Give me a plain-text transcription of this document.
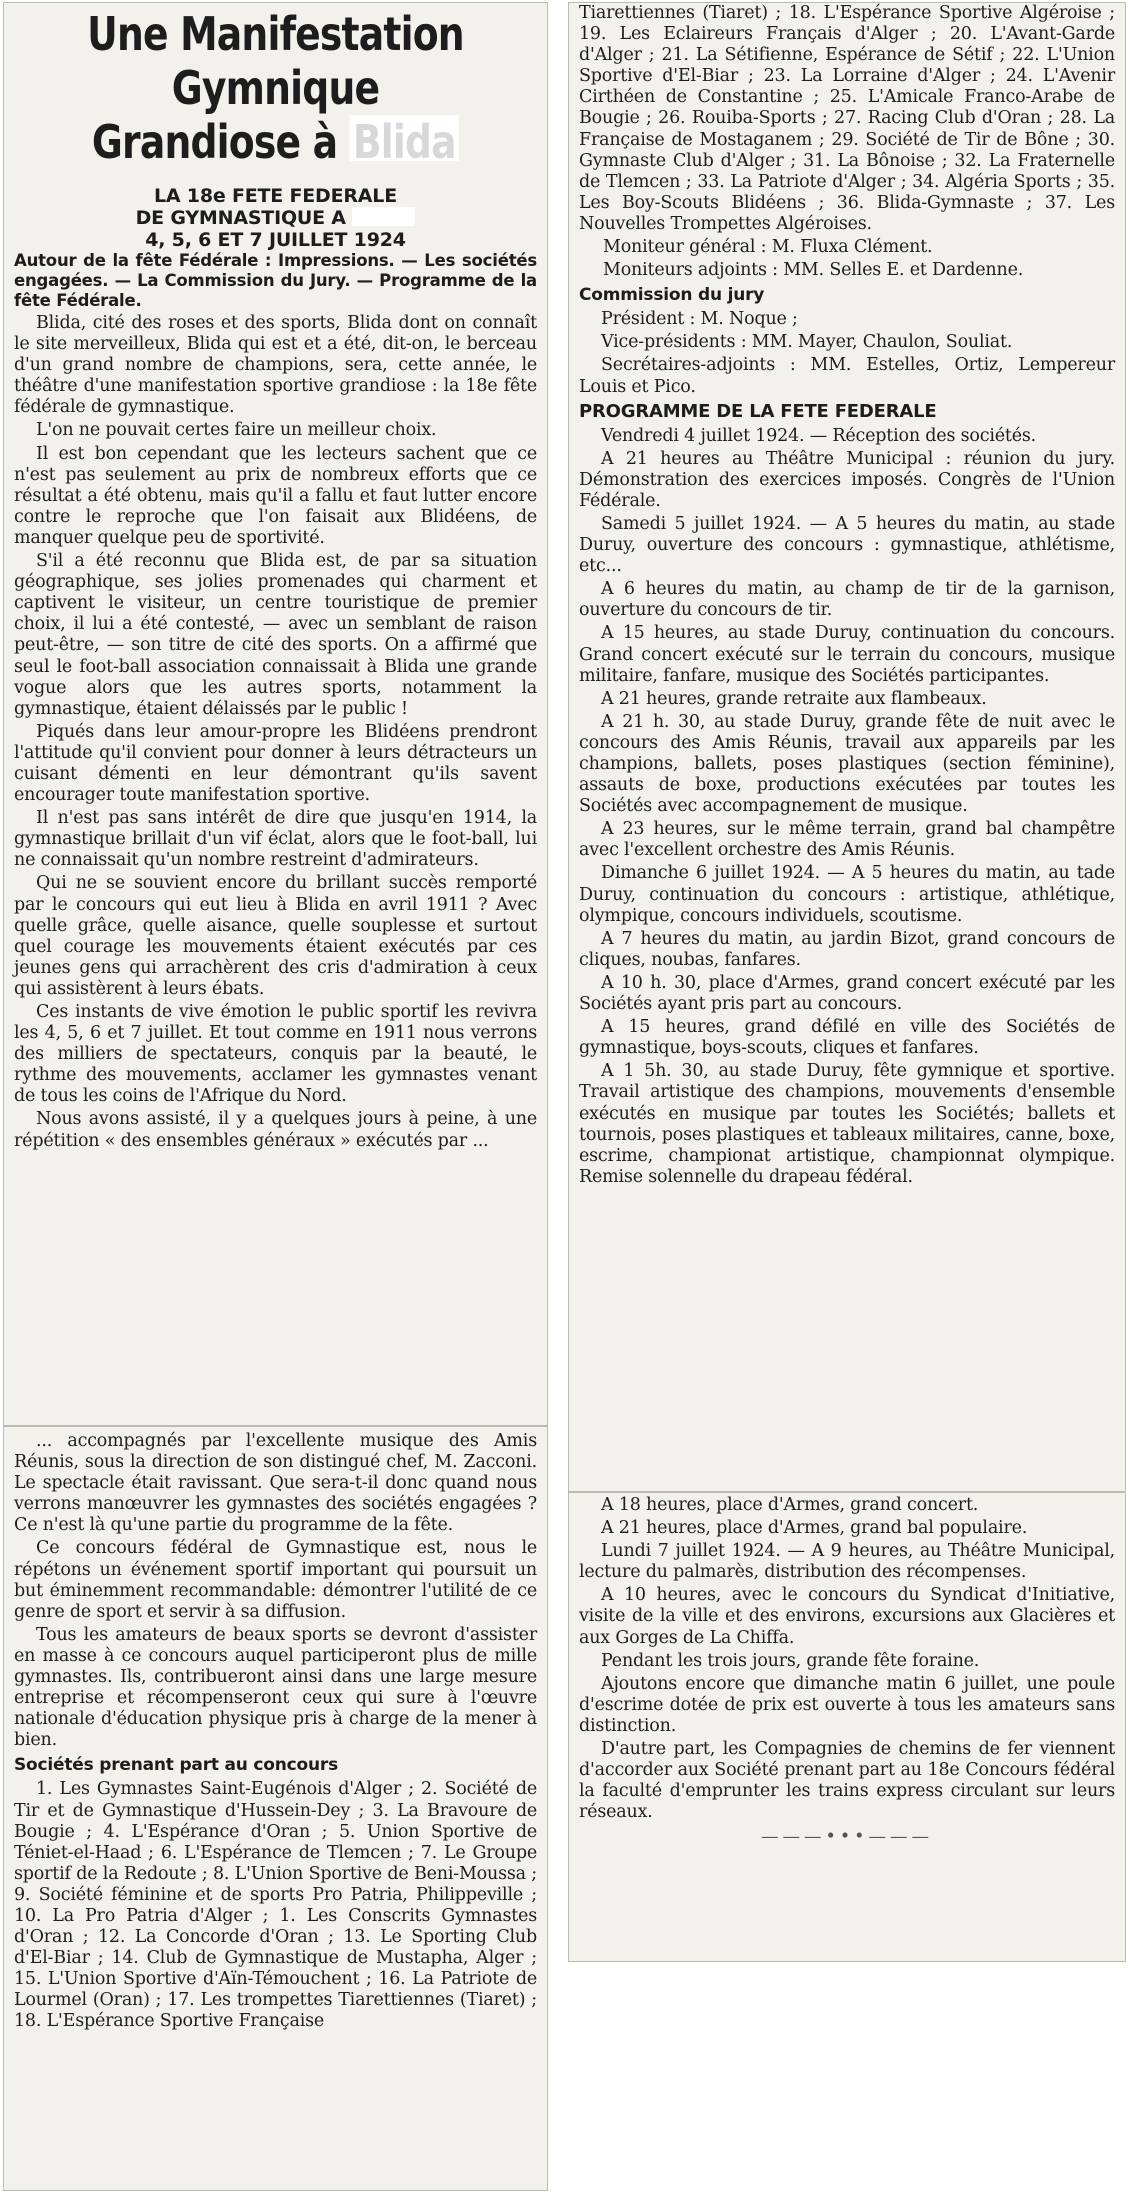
Une Manifestation Gymnique
Grandiose à Blida
LA 18e FETE FEDERALE
DE GYMNASTIQUE A BLIDA
4, 5, 6 ET 7 JUILLET 1924

Autour de la fête Fédérale : Impressions. — Les sociétés engagées. — La Commission du Jury. — Programme de la fête Fédérale.

Blida, cité des roses et des sports, Blida dont on connaît le site merveilleux, Blida qui est et a été, dit-on, le berceau d'un grand nombre de champions, sera, cette année, le théâtre d'une manifestation sportive grandiose : la 18e fête fédérale de gymnastique.

L'on ne pouvait certes faire un meilleur choix.

Il est bon cependant que les lecteurs sachent que ce n'est pas seulement au prix de nombreux efforts que ce résultat a été obtenu, mais qu'il a fallu et faut lutter encore contre le reproche que l'on faisait aux Blidéens, de manquer quelque peu de sportivité.

S'il a été reconnu que Blida est, de par sa situation géographique, ses jolies promenades qui charment et captivent le visiteur, un centre touristique de premier choix, il lui a été contesté, — avec un semblant de raison peut-être, — son titre de cité des sports. On a affirmé que seul le foot-ball association connaissait à Blida une grande vogue alors que les autres sports, notamment la gymnastique, étaient délaissés par le public !

Piqués dans leur amour-propre les Blidéens prendront l'attitude qu'il convient pour donner à leurs détracteurs un cuisant démenti en leur démontrant qu'ils savent encourager toute manifestation sportive.

Il n'est pas sans intérêt de dire que jusqu'en 1914, la gymnastique brillait d'un vif éclat, alors que le foot-ball, lui ne connaissait qu'un nombre restreint d'admirateurs.

Qui ne se souvient encore du brillant succès remporté par le concours qui eut lieu à Blida en avril 1911 ? Avec quelle grâce, quelle aisance, quelle souplesse et surtout quel courage les mouvements étaient exécutés par ces jeunes gens qui arrachèrent des cris d'admiration à ceux qui assistèrent à leurs ébats.

Ces instants de vive émotion le public sportif les revivra les 4, 5, 6 et 7 juillet. Et tout comme en 1911 nous verrons des milliers de spectateurs, conquis par la beauté, le rythme des mouvements, acclamer les gymnastes venant de tous les coins de l'Afrique du Nord.

Nous avons assisté, il y a quelques jours à peine, à une répétition « des ensembles généraux » exécutés par ...

... accompagnés par l'excellente musique des Amis Réunis, sous la direction de son distingué chef, M. Zacconi. Le spectacle était ravissant. Que sera-t-il donc quand nous verrons manœuvrer les gymnastes des sociétés engagées ? Ce n'est là qu'une partie du programme de la fête.

Ce concours fédéral de Gymnastique est, nous le répétons un événement sportif important qui poursuit un but éminemment recommandable: démontrer l'utilité de ce genre de sport et servir à sa diffusion.

Tous les amateurs de beaux sports se devront d'assister en masse à ce concours auquel participeront plus de mille gymnastes. Ils, contribueront ainsi dans une large mesure entreprise et récompenseront ceux qui sure à l'œuvre nationale d'éducation physique pris à charge de la mener à bien.

Sociétés prenant part au concours

1. Les Gymnastes Saint-Eugénois d'Alger ; 2. Société de Tir et de Gymnastique d'Hussein-Dey ; 3. La Bravoure de Bougie ; 4. L'Espérance d'Oran ; 5. Union Sportive de Téniet-el-Haad ; 6. L'Espérance de Tlemcen ; 7. Le Groupe sportif de la Redoute ; 8. L'Union Sportive de Beni-Moussa ; 9. Société féminine et de sports Pro Patria, Philippeville ; 10. La Pro Patria d'Alger ; 1. Les Conscrits Gymnastes d'Oran ; 12. La Concorde d'Oran ; 13. Le Sporting Club d'El-Biar ; 14. Club de Gymnastique de Mustapha, Alger ; 15. L'Union Sportive d'Aïn-Témouchent ; 16. La Patriote de Lourmel (Oran) ; 17. Les trompettes Tiarettiennes (Tiaret) ; 18. L'Espérance Sportive Française

Tiarettiennes (Tiaret) ; 18. L'Espérance Sportive Algéroise ; 19. Les Eclaireurs Français d'Alger ; 20. L'Avant-Garde d'Alger ; 21. La Sétifienne, Espérance de Sétif ; 22. L'Union Sportive d'El-Biar ; 23. La Lorraine d'Alger ; 24. L'Avenir Cirthéen de Constantine ; 25. L'Amicale Franco-Arabe de Bougie ; 26. Rouiba-Sports ; 27. Racing Club d'Oran ; 28. La Française de Mostaganem ; 29. Société de Tir de Bône ; 30. Gymnaste Club d'Alger ; 31. La Bônoise ; 32. La Fraternelle de Tlemcen ; 33. La Patriote d'Alger ; 34. Algéria Sports ; 35. Les Boy-Scouts Blidéens ; 36. Blida-Gymnaste ; 37. Les Nouvelles Trompettes Algéroises.

Moniteur général : M. Fluxa Clément.

Moniteurs adjoints : MM. Selles E. et Dardenne.

Commission du jury

Président : M. Noque ;

Vice-présidents : MM. Mayer, Chaulon, Souliat.

Secrétaires-adjoints : MM. Estelles, Ortiz, Lempereur Louis et Pico.

PROGRAMME DE LA FETE FEDERALE

Vendredi 4 juillet 1924. — Réception des sociétés.

A 21 heures au Théâtre Municipal : réunion du jury. Démonstration des exercices imposés. Congrès de l'Union Fédérale.

Samedi 5 juillet 1924. — A 5 heures du matin, au stade Duruy, ouverture des concours : gymnastique, athlétisme, etc...

A 6 heures du matin, au champ de tir de la garnison, ouverture du concours de tir.

A 15 heures, au stade Duruy, continuation du concours. Grand concert exécuté sur le terrain du concours, musique militaire, fanfare, musique des Sociétés participantes.

A 21 heures, grande retraite aux flambeaux.

A 21 h. 30, au stade Duruy, grande fête de nuit avec le concours des Amis Réunis, travail aux appareils par les champions, ballets, poses plastiques (section féminine), assauts de boxe, productions exécutées par toutes les Sociétés avec accompagnement de musique.

A 23 heures, sur le même terrain, grand bal champêtre avec l'excellent orchestre des Amis Réunis.

Dimanche 6 juillet 1924. — A 5 heures du matin, au tade Duruy, continuation du concours : artistique, athlétique, olympique, concours individuels, scoutisme.

A 7 heures du matin, au jardin Bizot, grand concours de cliques, noubas, fanfares.

A 10 h. 30, place d'Armes, grand concert exécuté par les Sociétés ayant pris part au concours.

A 15 heures, grand défilé en ville des Sociétés de gymnastique, boys-scouts, cliques et fanfares.

A 1 5h. 30, au stade Duruy, fête gymnique et sportive. Travail artistique des champions, mouvements d'ensemble exécutés en musique par toutes les Sociétés; ballets et tournois, poses plastiques et tableaux militaires, canne, boxe, escrime, championat artistique, championnat olympique. Remise solennelle du drapeau fédéral.

A 18 heures, place d'Armes, grand concert.

A 21 heures, place d'Armes, grand bal populaire.

Lundi 7 juillet 1924. — A 9 heures, au Théâtre Municipal, lecture du palmarès, distribution des récompenses.

A 10 heures, avec le concours du Syndicat d'Initiative, visite de la ville et des environs, excursions aux Glacières et aux Gorges de La Chiffa.

Pendant les trois jours, grande fête foraine.

Ajoutons encore que dimanche matin 6 juillet, une poule d'escrime dotée de prix est ouverte à tous les amateurs sans distinction.

D'autre part, les Compagnies de chemins de fer viennent d'accorder aux Société prenant part au 18e Concours fédéral la faculté d'emprunter les trains express circulant sur leurs réseaux.

———•••———
